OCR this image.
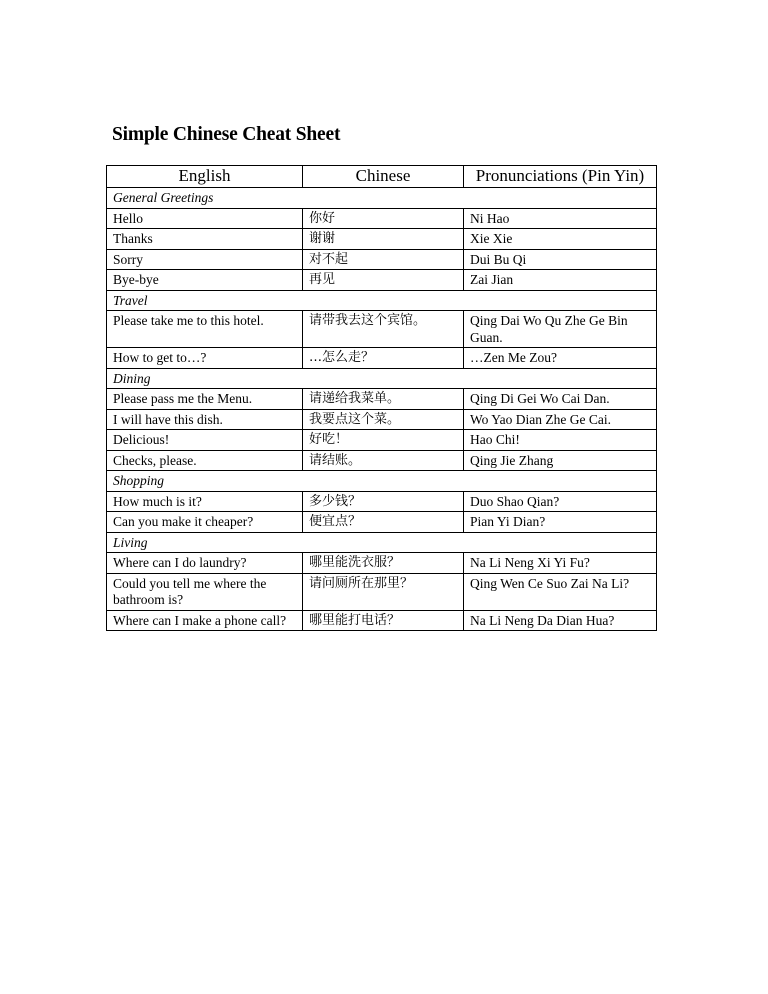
Simple Chinese Cheat Sheet
English	Chinese	Pronunciations (Pin Yin)
General Greetings		
Hello	你好	Ni Hao
Thanks	谢谢	Xie Xie
Sorry	对不起	Dui Bu Qi
Bye-bye	再见	Zai Jian
Travel		
Please take me to this hotel.	请带我去这个宾馆。	Qing Dai Wo Qu Zhe Ge Bin Guan.
How to get to…?	…怎么走？	…Zen Me Zou?
Dining		
Please pass me the Menu.	请递给我菜单。	Qing Di Gei Wo Cai Dan.
I will have this dish.	我要点这个菜。	Wo Yao Dian Zhe Ge Cai.
Delicious!	好吃！	Hao Chi!
Checks, please.	请结账。	Qing Jie Zhang
Shopping		
How much is it?	多少钱？	Duo Shao Qian?
Can you make it cheaper?	便宜点？	Pian Yi Dian?
Living		
Where can I do laundry?	哪里能洗衣服？	Na Li Neng Xi Yi Fu?
Could you tell me where the bathroom is?	请问厕所在那里？	Qing Wen Ce Suo Zai Na Li?
Where can I make a phone call?	哪里能打电话？	Na Li Neng Da Dian Hua?
